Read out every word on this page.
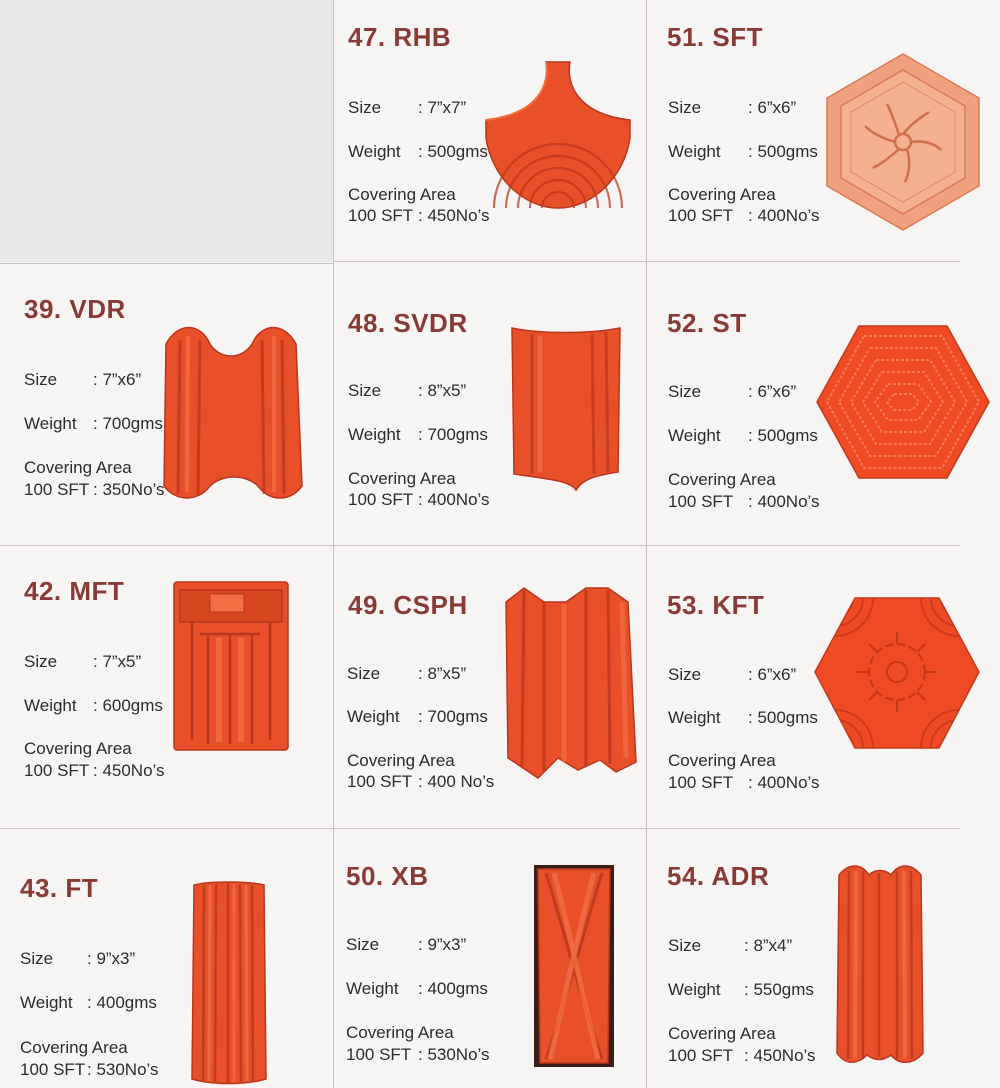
47. RHB
Size : 7”x7”
Weight : 500gms
Covering Area
100 SFT : 450No’s
51. SFT
Size	: 6”x6”
Weight : 500gms
Covering Area
100 SFT : 400No’s
39. VDR
Size : 7”x6”
Weight : 700gms
Covering Area
100 SFT : 350No’s
48. SVDR
Size : 8”x5”
Weight : 700gms
Covering Area
100 SFT : 400No’s
52. ST
Size	: 6”x6”
Weight : 500gms
Covering Area
100 SFT : 400No’s
42. MFT
Size : 7”x5”
Weight : 600gms
Covering Area
100 SFT : 450No’s
49. CSPH
Size : 8”x5”
Weight : 700gms
Covering Area
100 SFT : 400 No’s
53. KFT
Size	: 6”x6”
Weight : 500gms
Covering Area
100 SFT : 400No’s
43. FT
Size : 9”x3”
Weight : 400gms
Covering Area
100 SFT : 530No’s
50. XB
Size : 9”x3”
Weight : 400gms
Covering Area
100 SFT : 530No’s
54. ADR
Size	: 8”x4”
Weight : 550gms
Covering Area
100 SFT : 450No’s
